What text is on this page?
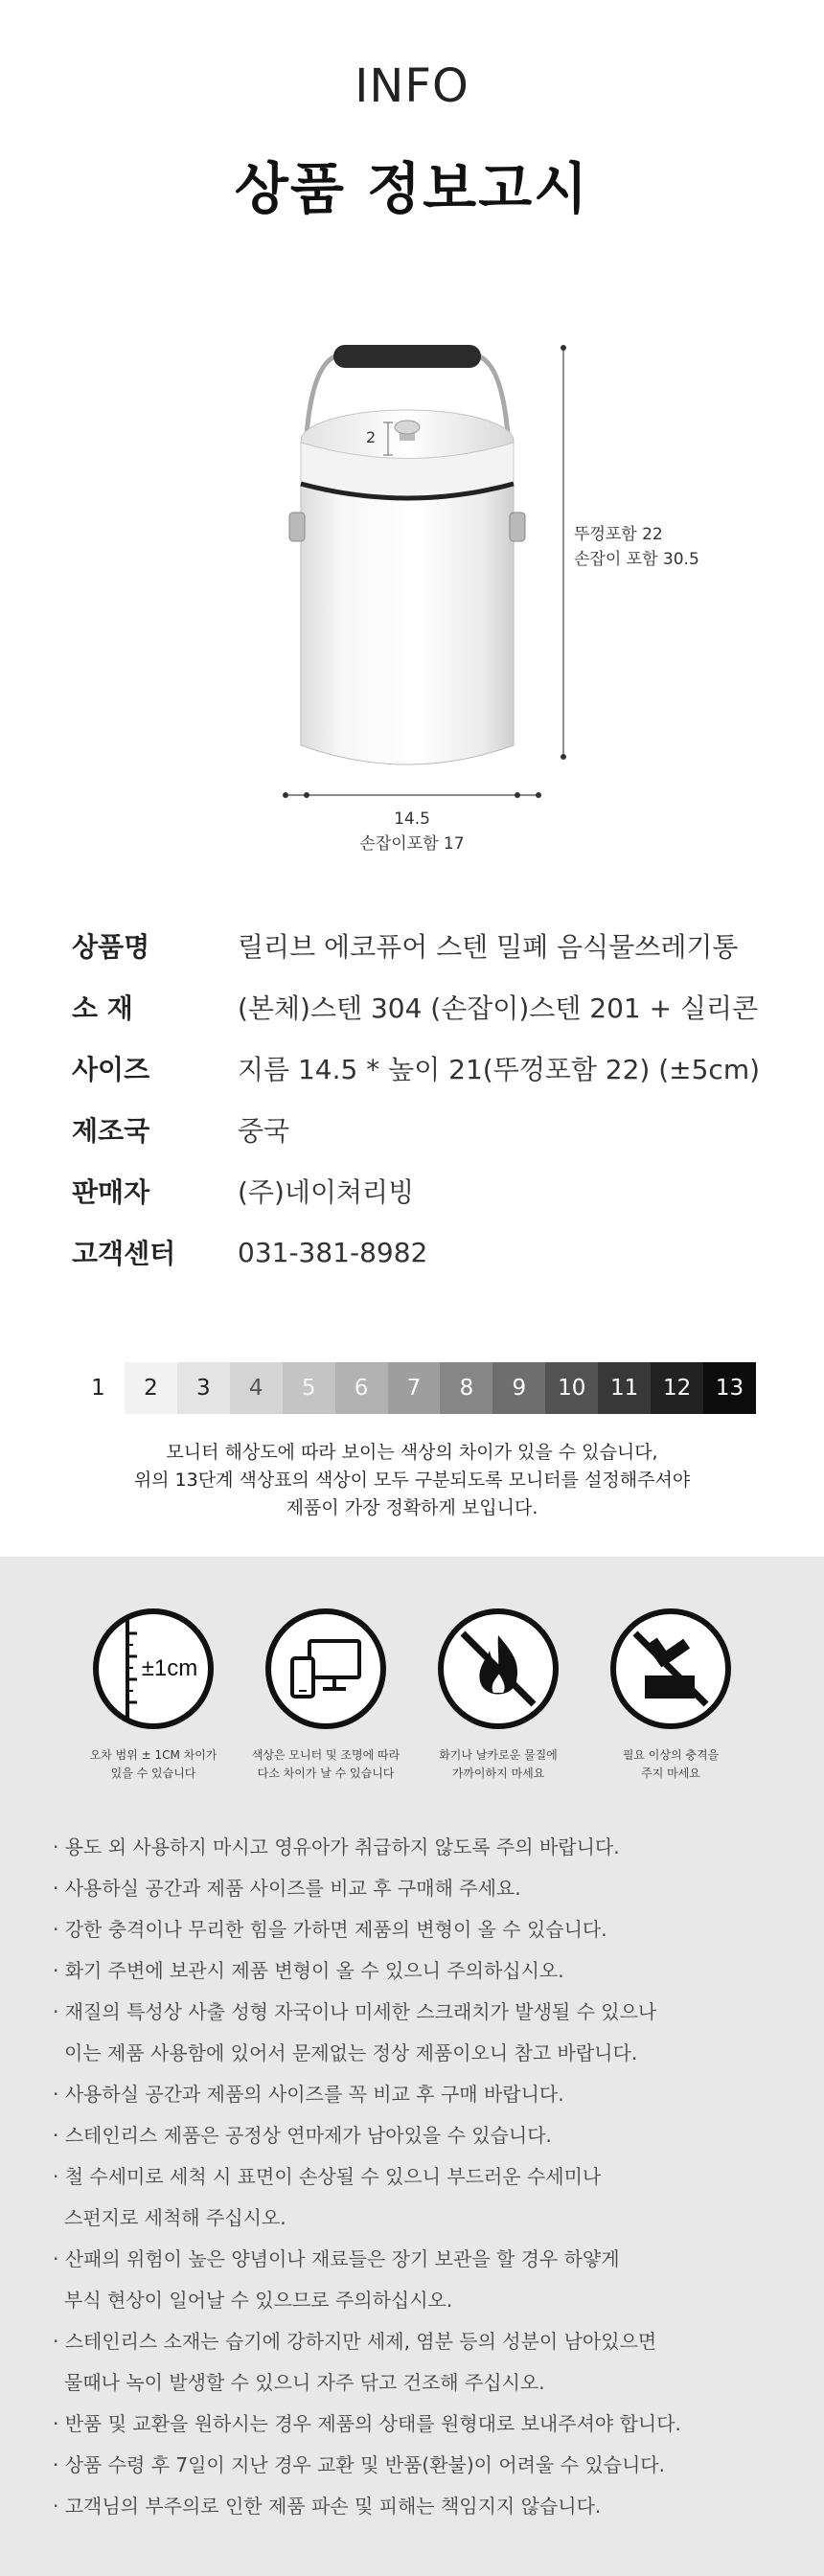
INFO
상품 정보고시
2
뚜껑포함 22
손잡이 포함 30.5
14.5
손잡이포함 17
상품명	릴리브 에코퓨어 스텐 밀폐 음식물쓰레기통
소 재	(본체)스텐 304 (손잡이)스텐 201 + 실리콘
사이즈	지름 14.5 * 높이 21(뚜껑포함 22) (±5cm)
제조국	중국
판매자	(주)네이쳐리빙
고객센터	031-381-8982
1	2	3	4	5	6	7	8	9	10	11	12	13
모니터 해상도에 따라 보이는 색상의 차이가 있을 수 있습니다,
위의 13단계 색상표의 색상이 모두 구분되도록 모니터를 설정해주셔야
제품이 가장 정확하게 보입니다.
±1cm
오차 범위 ± 1CM 차이가
있을 수 있습니다
색상은 모니터 및 조명에 따라
다소 차이가 날 수 있습니다
화기나 날카로운 물질에
가까이하지 마세요
필요 이상의 충격을
주지 마세요
· 용도 외 사용하지 마시고 영유아가 취급하지 않도록 주의 바랍니다.
· 사용하실 공간과 제품 사이즈를 비교 후 구매해 주세요.
· 강한 충격이나 무리한 힘을 가하면 제품의 변형이 올 수 있습니다.
· 화기 주변에 보관시 제품 변형이 올 수 있으니 주의하십시오.
· 재질의 특성상 사출 성형 자국이나 미세한 스크래치가 발생될 수 있으나
이는 제품 사용함에 있어서 문제없는 정상 제품이오니 참고 바랍니다.
· 사용하실 공간과 제품의 사이즈를 꼭 비교 후 구매 바랍니다.
· 스테인리스 제품은 공정상 연마제가 남아있을 수 있습니다.
· 철 수세미로 세척 시 표면이 손상될 수 있으니 부드러운 수세미나
스펀지로 세척해 주십시오.
· 산패의 위험이 높은 양념이나 재료들은 장기 보관을 할 경우 하얗게
부식 현상이 일어날 수 있으므로 주의하십시오.
· 스테인리스 소재는 습기에 강하지만 세제, 염분 등의 성분이 남아있으면
물때나 녹이 발생할 수 있으니 자주 닦고 건조해 주십시오.
· 반품 및 교환을 원하시는 경우 제품의 상태를 원형대로 보내주셔야 합니다.
· 상품 수령 후 7일이 지난 경우 교환 및 반품(환불)이 어려울 수 있습니다.
· 고객님의 부주의로 인한 제품 파손 및 피해는 책임지지 않습니다.
